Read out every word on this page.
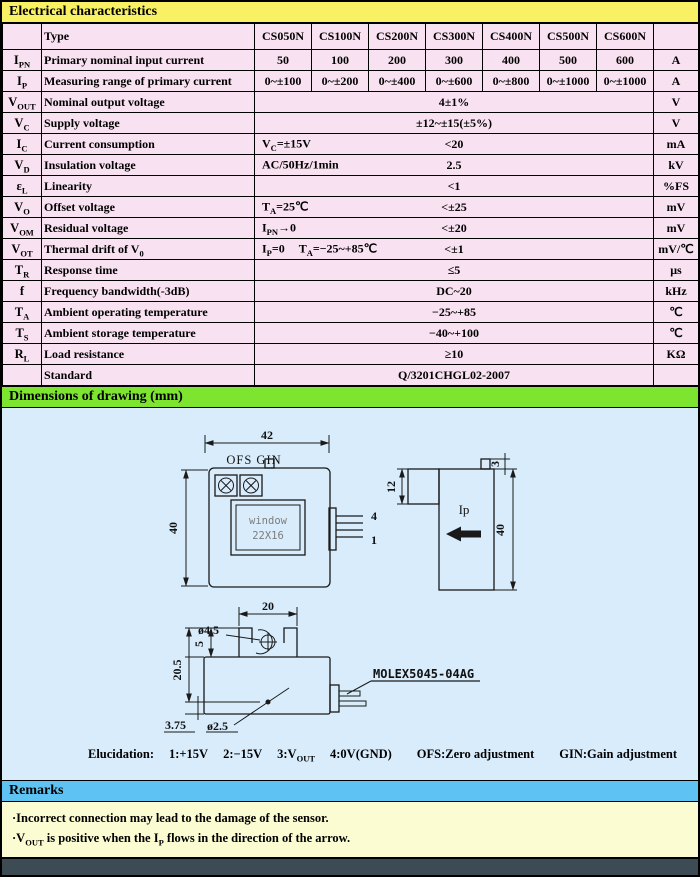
Electrical characteristics
	Type	CS050N	CS100N	CS200N	CS300N	CS400N	CS500N	CS600N	
$I_{PN}$	Primary nominal input current	50	100	200	300	400	500	600	A
$I_P$	Measuring range of primary current	0~±100	0~±200	0~±400	0~±600	0~±800	0~±1000	0~±1000	A
$V_{OUT}$	Nominal output voltage	4±1%							V
$V_C$	Supply voltage	±12~±15(±5%)							V
$I_C$	Current consumption	$V_C=\pm 15V <20$							mA
$V_D$	Insulation voltage	AC/50Hz/1min 2.5							kV
$\varepsilon_L$	Linearity	<1							%FS
$V_O$	Offset voltage	$T_A=25℃ <\pm 25$							mV
$V_{OM}$	Residual voltage	$I_{PN}\to 0 <\pm 20$							mV
$V_{OT}$	Thermal drift of $V_0$	$I_P=0$ $T_A=-25\sim+85℃ <\pm 1$							mV/℃
$T_R$	Response time	≤5							μs
f	Frequency bandwidth(-3dB)	DC~20							kHz
$T_A$	Ambient operating temperature	−25~+85							℃
$T_S$	Ambient storage temperature	−40~+100							℃
$R_L$	Load resistance	≥10							KΩ
	Standard	Q/3201CHGL02-2007							
Dimensions of drawing (mm)
42
40
OFS GIN
window
22X16
4
1
12
3
40
Ip
20
ø4.5
5
20.5
3.75 ø2.5
MOLEX5045-04AG
Elucidation: 1:+15V 2:−15V $3:V_{OUT}$ 4:0V(GND) OFS:Zero adjustment GIN:Gain adjustment
Remarks

·Incorrect connection may lead to the damage of the sensor.

$\cdot V_{OUT}$ is positive when the $I_P$ flows in the direction of the arrow.
